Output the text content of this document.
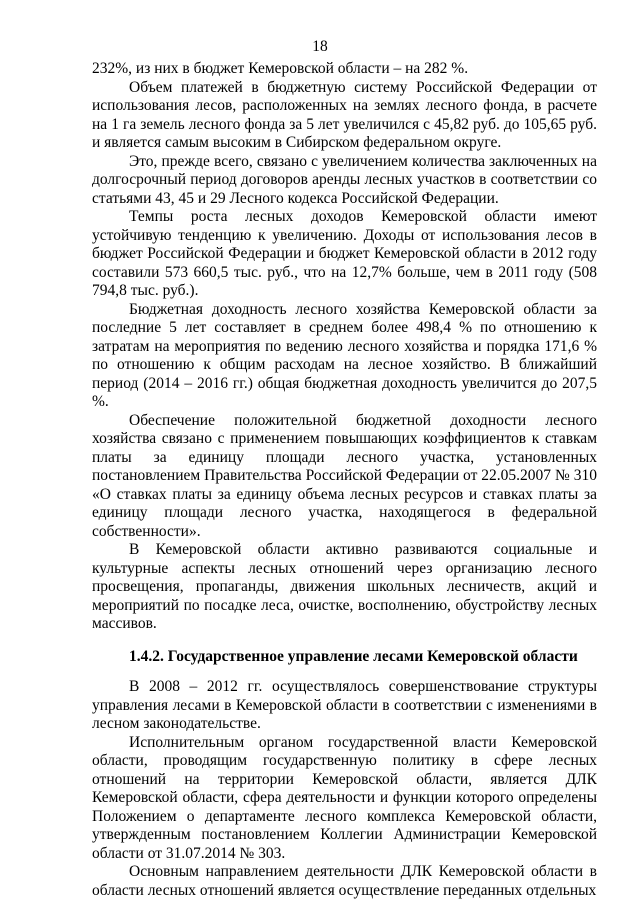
18

232%, из них в бюджет Кемеровской области – на 282 %.

Объем платежей в бюджетную систему Российской Федерации от использования лесов, расположенных на землях лесного фонда, в расчете на 1 га земель лесного фонда за 5 лет увеличился с 45,82 руб. до 105,65 руб. и является самым высоким в Сибирском федеральном округе.

Это, прежде всего, связано с увеличением количества заключенных на долгосрочный период договоров аренды лесных участков в соответствии со статьями 43, 45 и 29 Лесного кодекса Российской Федерации.

Темпы роста лесных доходов Кемеровской области имеют устойчивую тенденцию к увеличению. Доходы от использования лесов в бюджет Российской Федерации и бюджет Кемеровской области в 2012 году составили 573 660,5 тыс. руб., что на 12,7% больше, чем в 2011 году (508 794,8 тыс. руб.).

Бюджетная доходность лесного хозяйства Кемеровской области за последние 5 лет составляет в среднем более 498,4 % по отношению к затратам на мероприятия по ведению лесного хозяйства и порядка 171,6 % по отношению к общим расходам на лесное хозяйство. В ближайший период (2014 – 2016 гг.) общая бюджетная доходность увеличится до 207,5 %.

Обеспечение положительной бюджетной доходности лесного хозяйства связано с применением повышающих коэффициентов к ставкам платы за единицу площади лесного участка, установленных постановлением Правительства Российской Федерации от 22.05.2007 № 310 «О ставках платы за единицу объема лесных ресурсов и ставках платы за единицу площади лесного участка, находящегося в федеральной собственности».

В Кемеровской области активно развиваются социальные и культурные аспекты лесных отношений через организацию лесного просвещения, пропаганды, движения школьных лесничеств, акций и мероприятий по посадке леса, очистке, восполнению, обустройству лесных массивов.

1.4.2. Государственное управление лесами Кемеровской области

В 2008 – 2012 гг. осуществлялось совершенствование структуры управления лесами в Кемеровской области в соответствии с изменениями в лесном законодательстве.

Исполнительным органом государственной власти Кемеровской области, проводящим государственную политику в сфере лесных отношений на территории Кемеровской области, является ДЛК Кемеровской области, сфера деятельности и функции которого определены Положением о департаменте лесного комплекса Кемеровской области, утвержденным постановлением Коллегии Администрации Кемеровской области от 31.07.2014 № 303.

Основным направлением деятельности ДЛК Кемеровской области в области лесных отношений является осуществление переданных отдельных
